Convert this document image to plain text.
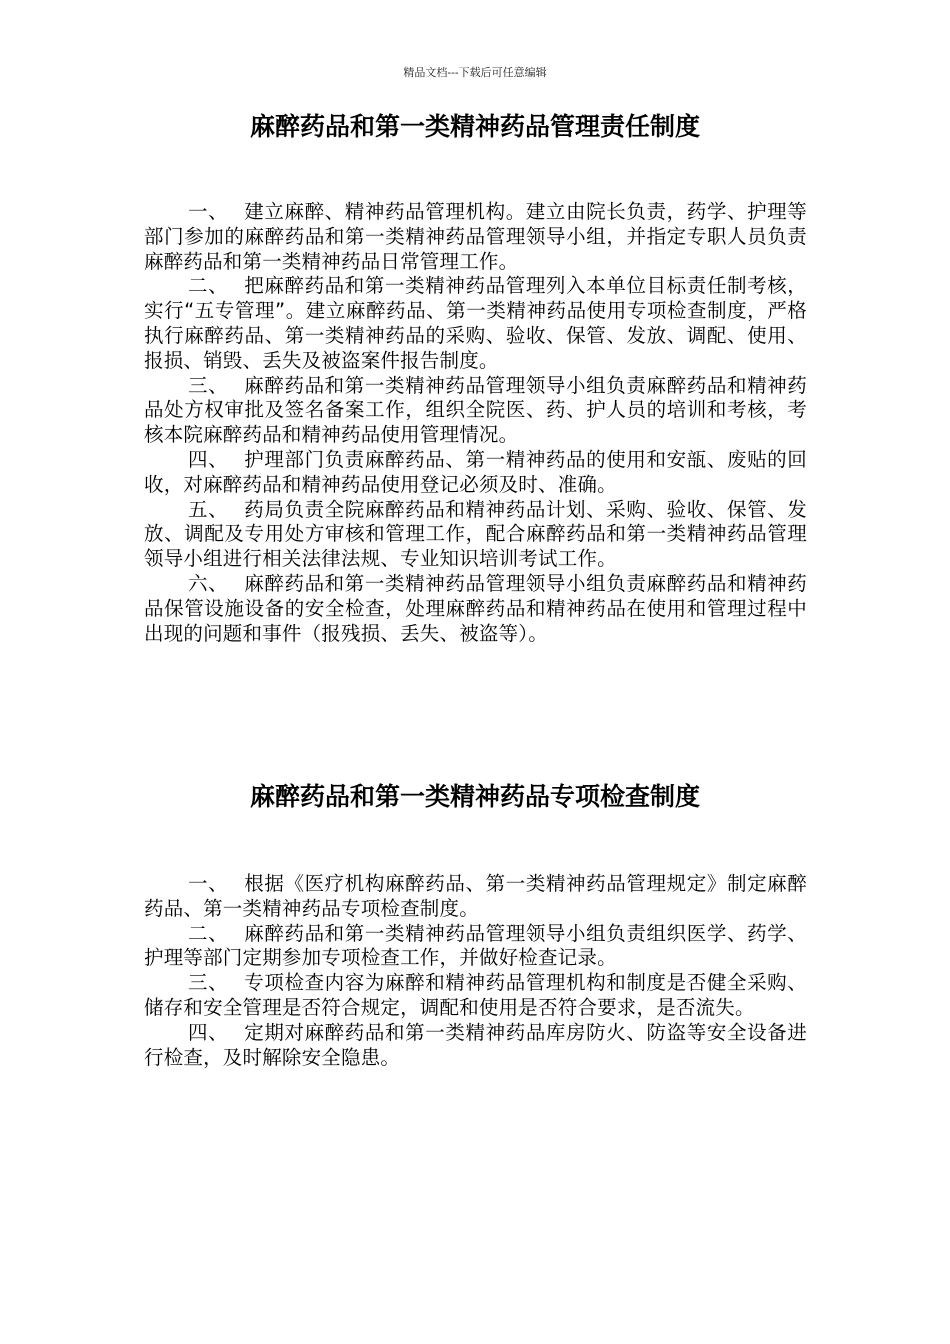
精品文档---下载后可任意编辑
麻醉药品和第一类精神药品管理责任制度

一、 建立麻醉、精神药品管理机构。建立由院长负责，药学、护理等部门参加的麻醉药品和第一类精神药品管理领导小组，并指定专职人员负责麻醉药品和第一类精神药品日常管理工作。

二、 把麻醉药品和第一类精神药品管理列入本单位目标责任制考核，实行“五专管理”。建立麻醉药品、第一类精神药品使用专项检查制度，严格执行麻醉药品、第一类精神药品的采购、验收、保管、发放、调配、使用、报损、销毁、丢失及被盗案件报告制度。

三、 麻醉药品和第一类精神药品管理领导小组负责麻醉药品和精神药品处方权审批及签名备案工作，组织全院医、药、护人员的培训和考核，考核本院麻醉药品和精神药品使用管理情况。

四、 护理部门负责麻醉药品、第一精神药品的使用和安瓿、废贴的回收，对麻醉药品和精神药品使用登记必须及时、准确。

五、 药局负责全院麻醉药品和精神药品计划、采购、验收、保管、发放、调配及专用处方审核和管理工作，配合麻醉药品和第一类精神药品管理领导小组进行相关法律法规、专业知识培训考试工作。

六、 麻醉药品和第一类精神药品管理领导小组负责麻醉药品和精神药品保管设施设备的安全检查，处理麻醉药品和精神药品在使用和管理过程中出现的问题和事件（报残损、丢失、被盗等）。

麻醉药品和第一类精神药品专项检查制度

一、 根据《医疗机构麻醉药品、第一类精神药品管理规定》制定麻醉药品、第一类精神药品专项检查制度。

二、 麻醉药品和第一类精神药品管理领导小组负责组织医学、药学、护理等部门定期参加专项检查工作，并做好检查记录。

三、 专项检查内容为麻醉和精神药品管理机构和制度是否健全采购、储存和安全管理是否符合规定，调配和使用是否符合要求，是否流失。

四、 定期对麻醉药品和第一类精神药品库房防火、防盗等安全设备进行检查，及时解除安全隐患。
